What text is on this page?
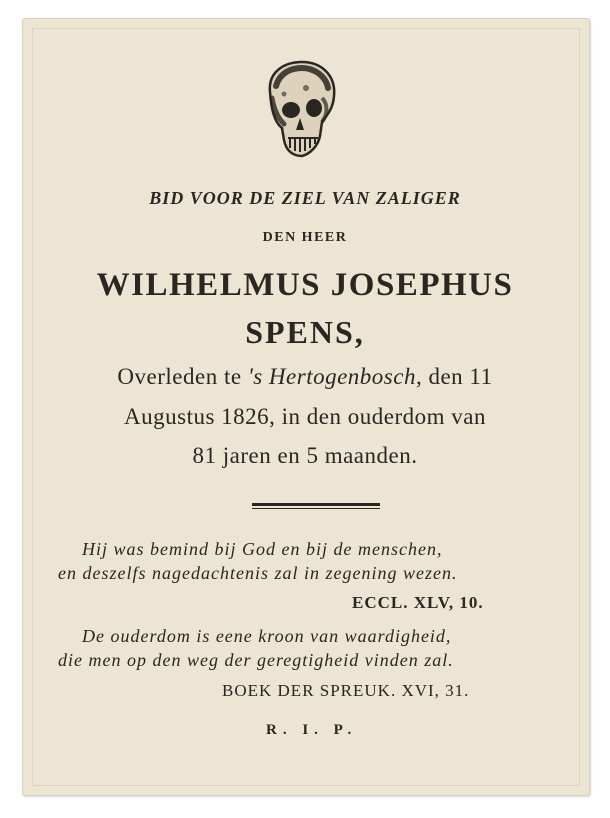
BID VOOR DE ZIEL VAN ZALIGER
DEN HEER
WILHELMUS JOSEPHUS
SPENS,
Overleden te 's Hertogenbosch, den 11
Augustus 1826, in den ouderdom van
81 jaren en 5 maanden.
Hij was bemind bij God en bij de menschen,
en deszelfs nagedachtenis zal in zegening wezen.
ECCL. XLV, 10.
De ouderdom is eene kroon van waardigheid,
die men op den weg der geregtigheid vinden zal.
BOEK DER SPREUK. XVI, 31.
R. I. P.
